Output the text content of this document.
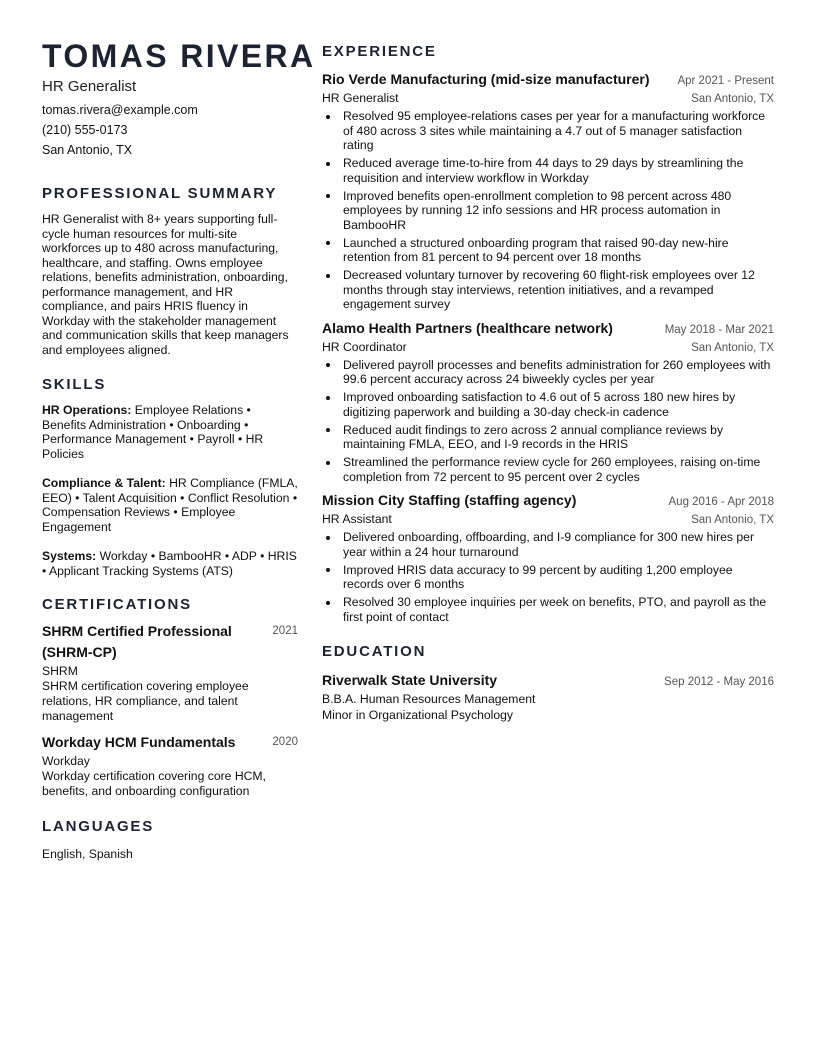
TOMAS RIVERA
HR Generalist
tomas.rivera@example.com
(210) 555-0173
San Antonio, TX
PROFESSIONAL SUMMARY
HR Generalist with 8+ years supporting full-cycle human resources for multi-site workforces up to 480 across manufacturing, healthcare, and staffing. Owns employee relations, benefits administration, onboarding, performance management, and HR compliance, and pairs HRIS fluency in Workday with the stakeholder management and communication skills that keep managers and employees aligned.
SKILLS
HR Operations: Employee Relations • Benefits Administration • Onboarding • Performance Management • Payroll • HR Policies
Compliance & Talent: HR Compliance (FMLA, EEO) • Talent Acquisition • Conflict Resolution • Compensation Reviews • Employee Engagement
Systems: Workday • BambooHR • ADP • HRIS • Applicant Tracking Systems (ATS)
CERTIFICATIONS
SHRM Certified Professional (SHRM-CP)
2021
SHRM
SHRM certification covering employee relations, HR compliance, and talent management
Workday HCM Fundamentals	2020
Workday
Workday certification covering core HCM, benefits, and onboarding configuration
LANGUAGES
English, Spanish
EXPERIENCE
Rio Verde Manufacturing (mid-size manufacturer) Apr 2021 - Present
HR Generalist	San Antonio, TX
Resolved 95 employee-relations cases per year for a manufacturing workforce of 480 across 3 sites while maintaining a 4.7 out of 5 manager satisfaction rating
Reduced average time-to-hire from 44 days to 29 days by streamlining the requisition and interview workflow in Workday
Improved benefits open-enrollment completion to 98 percent across 480 employees by running 12 info sessions and HR process automation in BambooHR
Launched a structured onboarding program that raised 90-day new-hire retention from 81 percent to 94 percent over 18 months
Decreased voluntary turnover by recovering 60 flight-risk employees over 12 months through stay interviews, retention initiatives, and a revamped engagement survey
Alamo Health Partners (healthcare network)	May 2018 - Mar 2021
HR Coordinator	San Antonio, TX
Delivered payroll processes and benefits administration for 260 employees with 99.6 percent accuracy across 24 biweekly cycles per year
Improved onboarding satisfaction to 4.6 out of 5 across 180 new hires by digitizing paperwork and building a 30-day check-in cadence
Reduced audit findings to zero across 2 annual compliance reviews by maintaining FMLA, EEO, and I-9 records in the HRIS
Streamlined the performance review cycle for 260 employees, raising on-time completion from 72 percent to 95 percent over 2 cycles
Mission City Staffing (staffing agency)	Aug 2016 - Apr 2018
HR Assistant	San Antonio, TX
Delivered onboarding, offboarding, and I-9 compliance for 300 new hires per year within a 24 hour turnaround
Improved HRIS data accuracy to 99 percent by auditing 1,200 employee records over 6 months
Resolved 30 employee inquiries per week on benefits, PTO, and payroll as the first point of contact
EDUCATION
Riverwalk State University	Sep 2012 - May 2016
B.B.A. Human Resources Management
Minor in Organizational Psychology
